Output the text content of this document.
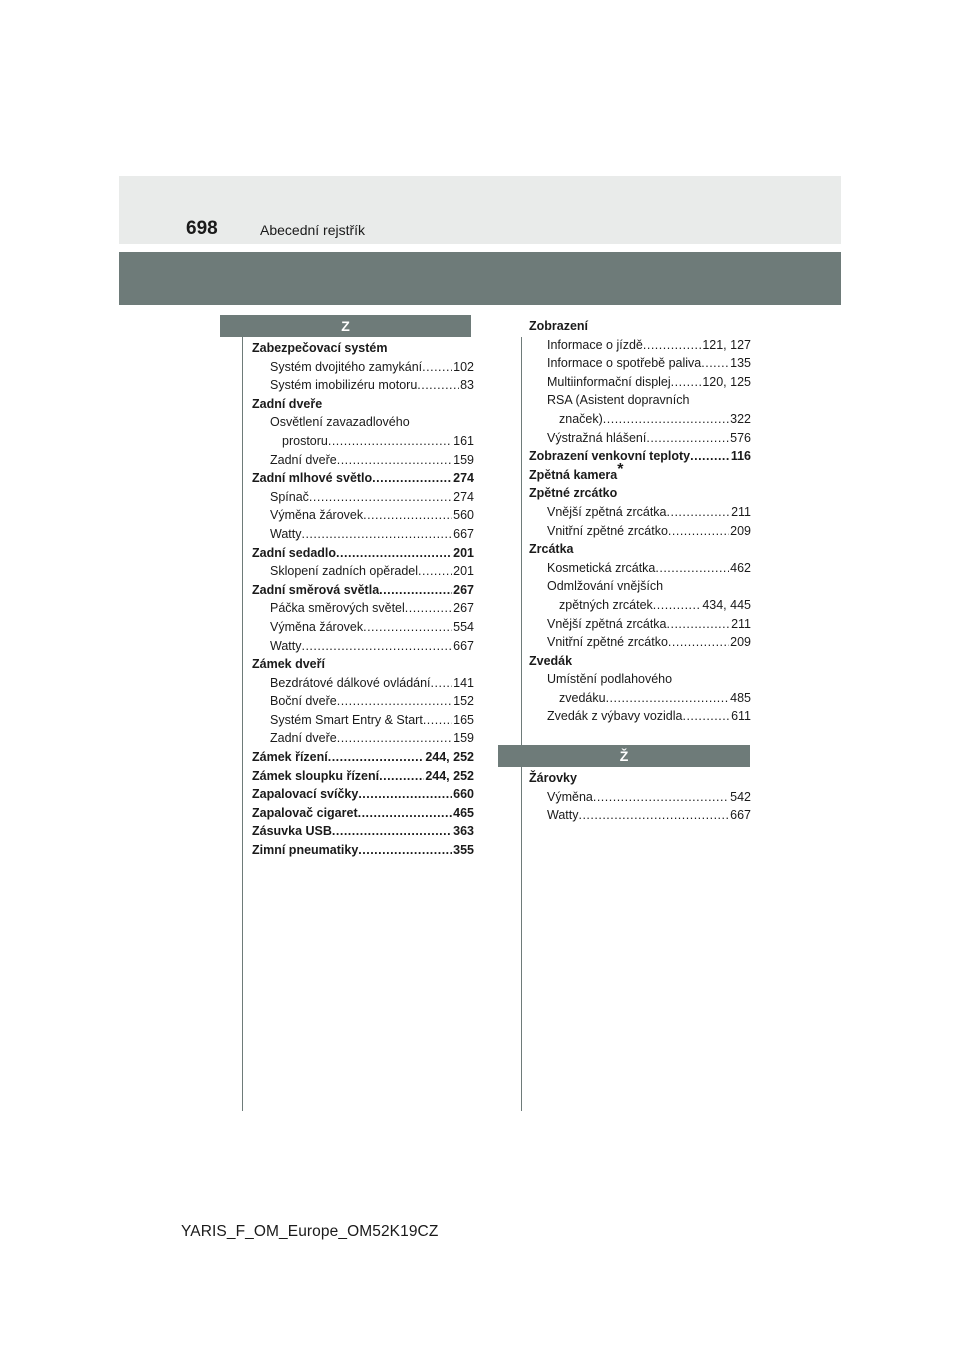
698	Abecední rejstřík
Z
Ž
Zabezpečovací systém
Systém dvojitého zamykání ..... 102
Systém imobilizéru motoru .....	83
Zadní dveře
Osvětlení zavazadlového
prostoru .....	161
Zadní dveře .....	159
Zadní mlhové světlo .....	274
Spínač .....	274
Výměna žárovek .....	560
Watty .....	667
Zadní sedadlo .....	201
Sklopení zadních opěradel .....	201
Zadní směrová světla .....	267
Páčka směrových světel .....	267
Výměna žárovek .....	554
Watty .....	667
Zámek dveří
Bezdrátové dálkové ovládání ..... 141
Boční dveře .....	152
Systém Smart Entry & Start ..... 165
Zadní dveře .....	159
Zámek řízení .....	244, 252
Zámek sloupku řízení .....	244, 252
Zapalovací svíčky .....	660
Zapalovač cigaret .....	465
Zásuvka USB .....	363
Zimní pneumatiky .....	355
Zobrazení
Informace o jízdě .....	121, 127
Informace o spotřebě paliva ..... 135
Multiinformační displej .....	120, 125
RSA (Asistent dopravních
značek) .....	322
Výstražná hlášení .....	576
Zobrazení venkovní teploty .....	116
Zpětná kamera*
Zpětné zrcátko
Vnější zpětná zrcátka .....	211
Vnitřní zpětné zrcátko .....	209
Zrcátka
Kosmetická zrcátka .....	462
Odmlžování vnějších
zpětných zrcátek .....	434, 445
Vnější zpětná zrcátka .....	211
Vnitřní zpětné zrcátko .....	209
Zvedák
Umístění podlahového
zvedáku .....	485
Zvedák z výbavy vozidla .....	611
Žárovky
Výměna .....	542
Watty .....	667
YARIS_F_OM_Europe_OM52K19CZ
